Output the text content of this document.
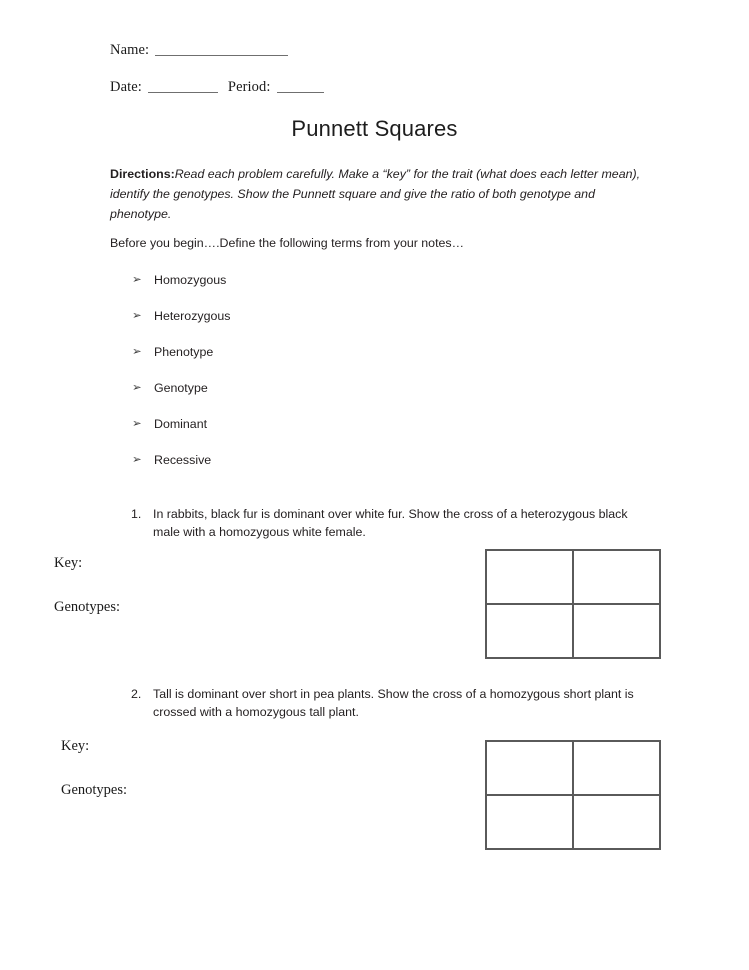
Name:
Date:	Period:
Punnett Squares
Directions:Read each problem carefully. Make a “key” for the trait (what does each letter mean), identify the genotypes. Show the Punnett square and give the ratio of both genotype and phenotype.
Before you begin….Define the following terms from your notes…
➢ Homozygous
➢ Heterozygous
➢ Phenotype
➢ Genotype
➢ Dominant
➢ Recessive
1. In rabbits, black fur is dominant over white fur. Show the cross of a heterozygous black male with a homozygous white female.
Key:
Genotypes:
2. Tall is dominant over short in pea plants. Show the cross of a homozygous short plant is crossed with a homozygous tall plant.
Key:
Genotypes:
